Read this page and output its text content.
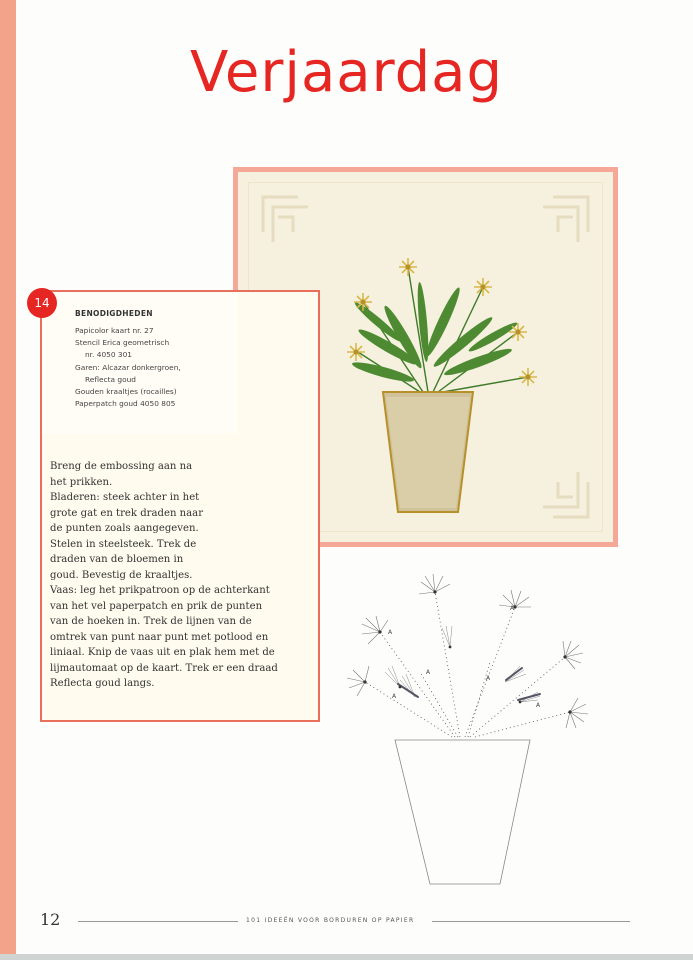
Verjaardag
14
BENODIGDHEDEN
Papicolor kaart nr. 27
Stencil Erica geometrisch
nr. 4050 301
Garen: Alcazar donkergroen,
Reflecta goud
Gouden kraaltjes (rocailles)
Paperpatch goud 4050 805

Breng de embossing aan na

het prikken.

Bladeren: steek achter in het

grote gat en trek draden naar

de punten zoals aangegeven.

Stelen in steelsteek. Trek de

draden van de bloemen in

goud. Bevestig de kraaltjes.

Vaas: leg het prikpatroon op de achterkant

van het vel paperpatch en prik de punten

van de hoeken in. Trek de lijnen van de

omtrek van punt naar punt met potlood en

liniaal. Knip de vaas uit en plak hem met de

lijmautomaat op de kaart. Trek er een draad

Reflecta goud langs.

A
A
A
A
A
A
12	101 IDEEËN VOOR BORDUREN OP PAPIER
